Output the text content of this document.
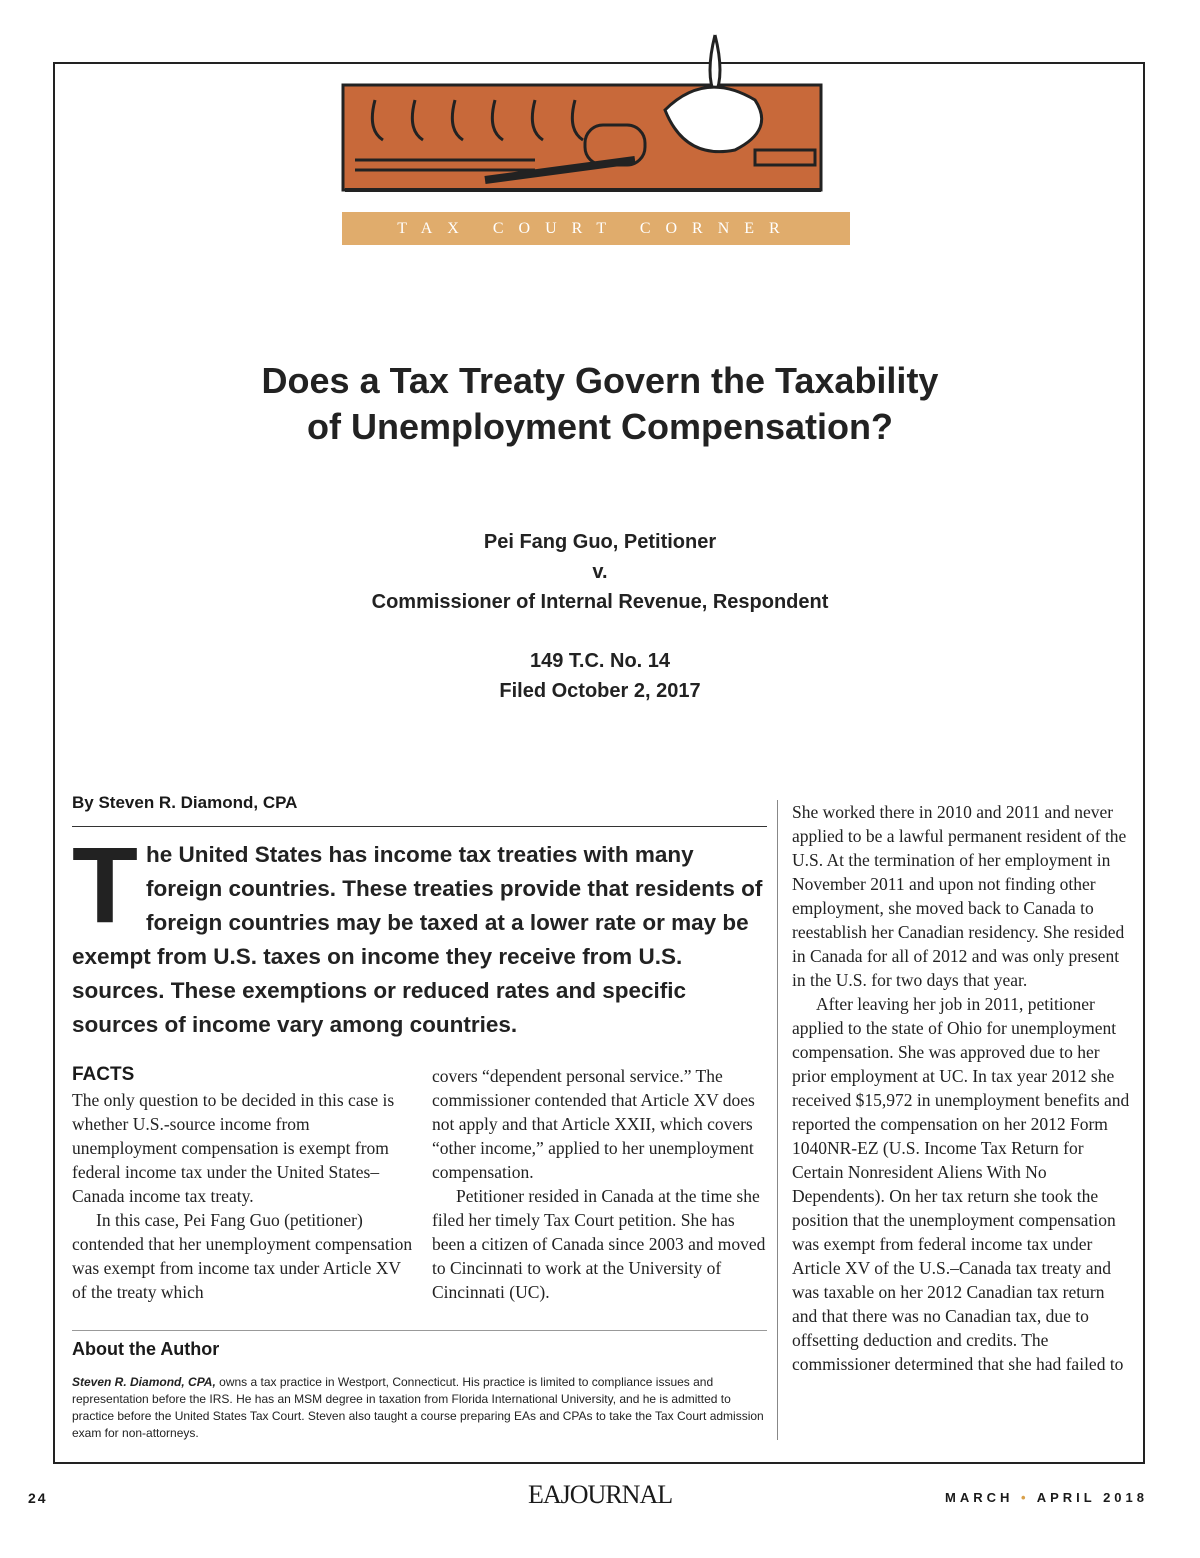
TAX COURT CORNER
Does a Tax Treaty Govern the Taxability
of Unemployment Compensation?
Pei Fang Guo, Petitioner
v.
Commissioner of Internal Revenue, Respondent
149 T.C. No. 14
Filed October 2, 2017
By Steven R. Diamond, CPA
The United States has income tax treaties with many foreign countries. These treaties provide that residents of foreign countries may be taxed at a lower rate or may be exempt from U.S. taxes on income they receive from U.S. sources. These exemptions or reduced rates and specific sources of income vary among countries.
FACTS

The only question to be decided in this case is whether U.S.-source income from unemployment compensation is exempt from federal income tax under the United States–Canada income tax treaty.

In this case, Pei Fang Guo (petitioner) contended that her unemployment compensation was exempt from income tax under Article XV of the treaty which

covers “dependent personal service.” The commissioner contended that Article XV does not apply and that Article XXII, which covers “other income,” applied to her unemployment compensation.

Petitioner resided in Canada at the time she filed her timely Tax Court petition. She has been a citizen of Canada since 2003 and moved to Cincinnati to work at the University of Cincinnati (UC).

She worked there in 2010 and 2011 and never applied to be a lawful permanent resident of the U.S. At the termination of her employment in November 2011 and upon not finding other employment, she moved back to Canada to reestablish her Canadian residency. She resided in Canada for all of 2012 and was only present in the U.S. for two days that year.

After leaving her job in 2011, petitioner applied to the state of Ohio for unemployment compensation. She was approved due to her prior employment at UC. In tax year 2012 she received $15,972 in unemployment benefits and reported the compensation on her 2012 Form 1040NR-EZ (U.S. Income Tax Return for Certain Nonresident Aliens With No Dependents). On her tax return she took the position that the unemployment compensation was exempt from federal income tax under Article XV of the U.S.–Canada tax treaty and was taxable on her 2012 Canadian tax return and that there was no Canadian tax, due to offsetting deduction and credits. The commissioner determined that she had failed to

About the Author
Steven R. Diamond, CPA, owns a tax practice in Westport, Connecticut. His practice is limited to compliance issues and representation before the IRS. He has an MSM degree in taxation from Florida International University, and he is admitted to practice before the United States Tax Court. Steven also taught a course preparing EAs and CPAs to take the Tax Court admission exam for non-attorneys.
24	EAJOURNAL	MARCH • APRIL 2018
